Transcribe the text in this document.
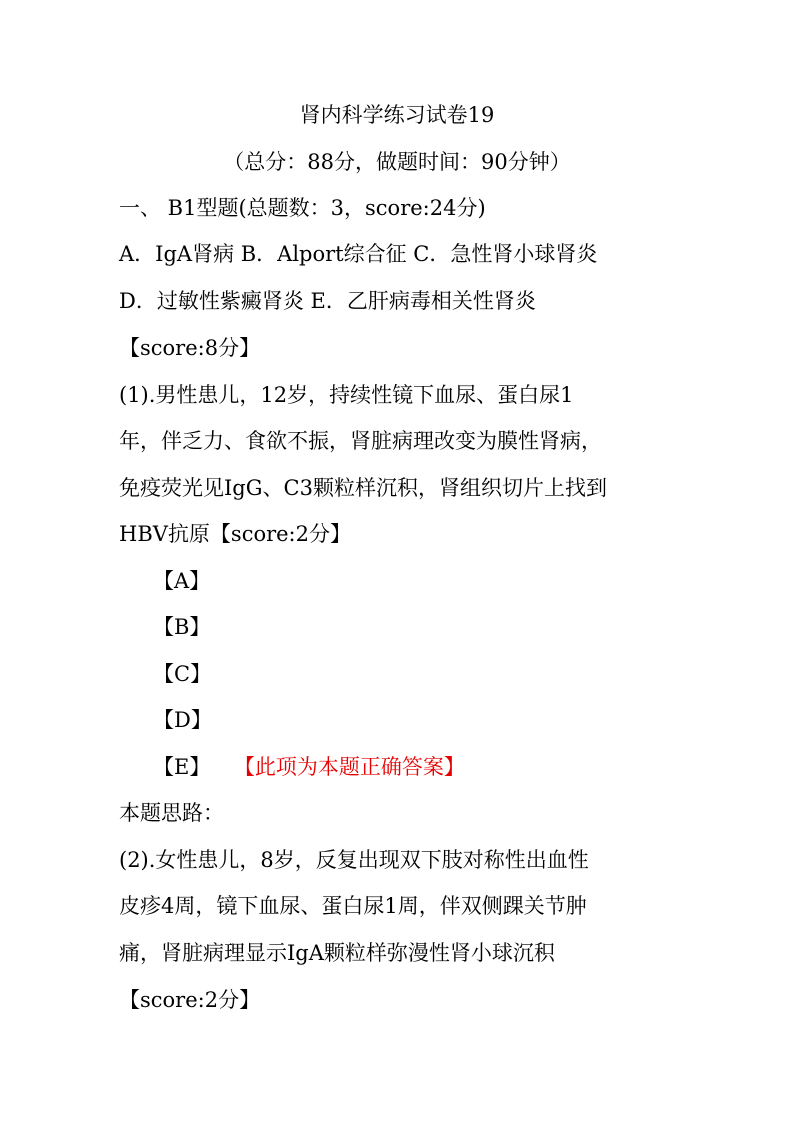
肾内科学练习试卷19
（总分：88分，做题时间：90分钟）
一、 B1型题(总题数：3，score:24分)
A．IgA肾病 B．Alport综合征 C．急性肾小球肾炎
D．过敏性紫癜肾炎 E．乙肝病毒相关性肾炎
【score:8分】
(1).男性患儿，12岁，持续性镜下血尿、蛋白尿1
年，伴乏力、食欲不振，肾脏病理改变为膜性肾病，
免疫荧光见IgG、C3颗粒样沉积，肾组织切片上找到
HBV抗原【score:2分】
【A】
【B】
【C】
【D】
【E】 【此项为本题正确答案】
本题思路：
(2).女性患儿，8岁，反复出现双下肢对称性出血性
皮疹4周，镜下血尿、蛋白尿1周，伴双侧踝关节肿
痛，肾脏病理显示IgA颗粒样弥漫性肾小球沉积
【score:2分】
